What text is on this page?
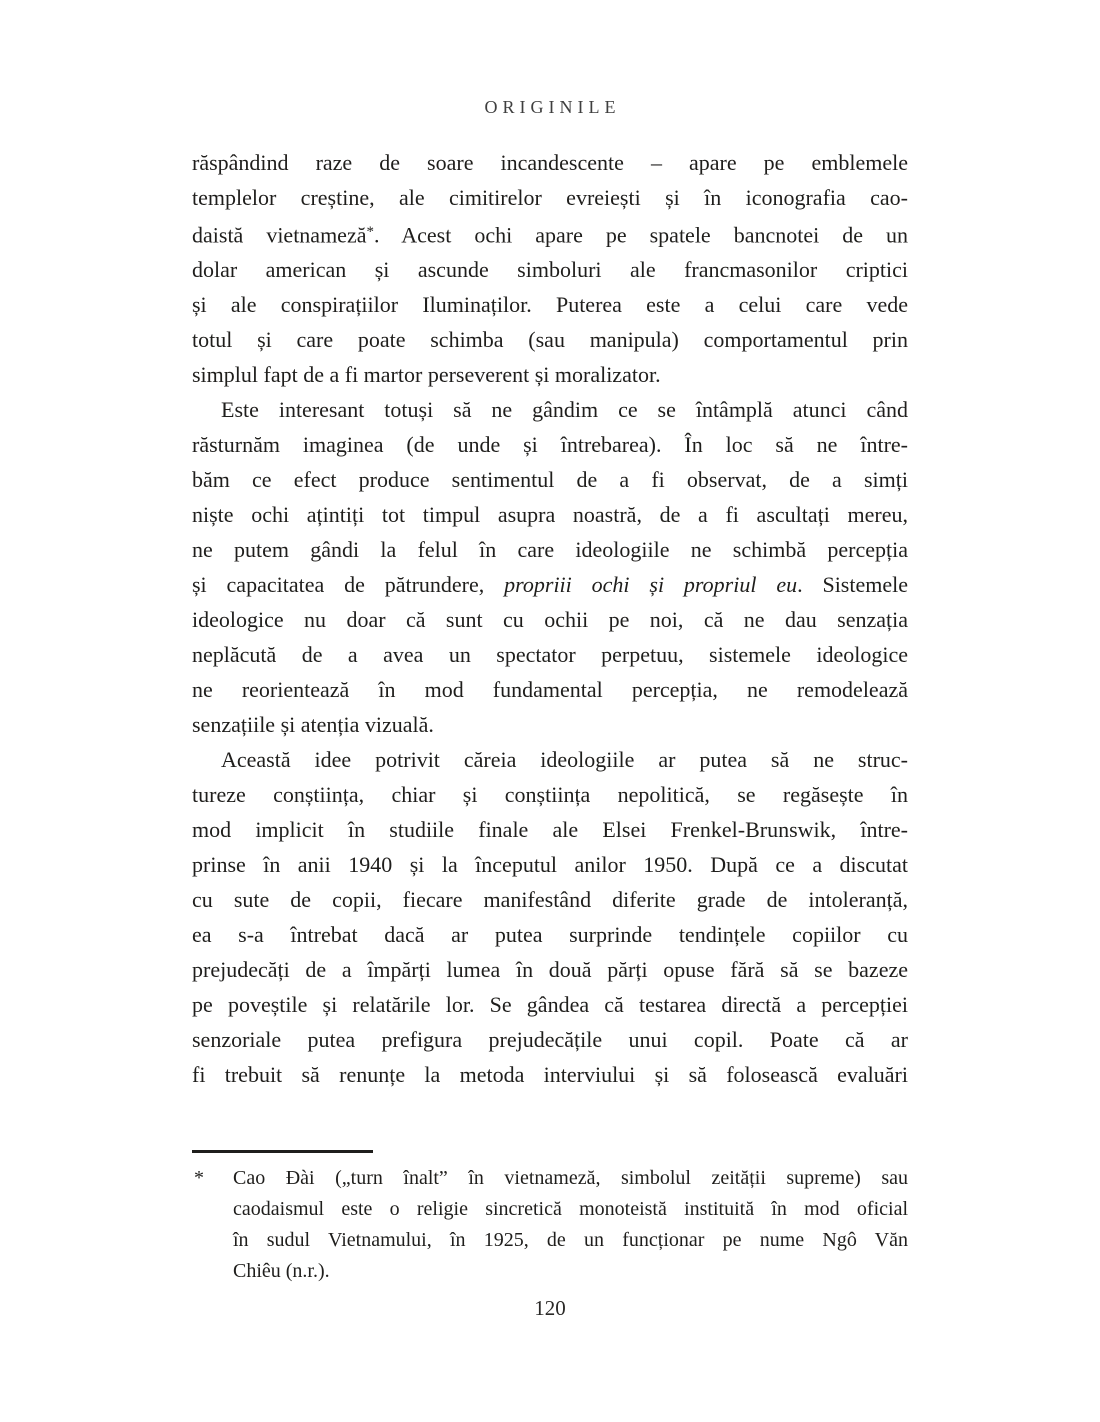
ORIGINILE
răspândind raze de soare incandescente – apare pe emblemele
templelor creștine, ale cimitirelor evreiești și în iconografia cao-
daistă vietnameză*. Acest ochi apare pe spatele bancnotei de un
dolar american și ascunde simboluri ale francmasonilor criptici
și ale conspirațiilor Iluminaților. Puterea este a celui care vede
totul și care poate schimba (sau manipula) comportamentul prin
simplul fapt de a fi martor perseverent și moralizator.
Este interesant totuși să ne gândim ce se întâmplă atunci când
răsturnăm imaginea (de unde și întrebarea). În loc să ne între-
băm ce efect produce sentimentul de a fi observat, de a simți
niște ochi ațintiți tot timpul asupra noastră, de a fi ascultați mereu,
ne putem gândi la felul în care ideologiile ne schimbă percepția
și capacitatea de pătrundere, propriii ochi și propriul eu. Sistemele
ideologice nu doar că sunt cu ochii pe noi, că ne dau senzația
neplăcută de a avea un spectator perpetuu, sistemele ideologice
ne reorientează în mod fundamental percepția, ne remodelează
senzațiile și atenția vizuală.
Această idee potrivit căreia ideologiile ar putea să ne struc-
tureze conștiința, chiar și conștiința nepolitică, se regăsește în
mod implicit în studiile finale ale Elsei Frenkel-Brunswik, între-
prinse în anii 1940 și la începutul anilor 1950. După ce a discutat
cu sute de copii, fiecare manifestând diferite grade de intoleranță,
ea s-a întrebat dacă ar putea surprinde tendințele copiilor cu
prejudecăți de a împărți lumea în două părți opuse fără să se bazeze
pe poveștile și relatările lor. Se gândea că testarea directă a percepției
senzoriale putea prefigura prejudecățile unui copil. Poate că ar
fi trebuit să renunțe la metoda interviului și să folosească evaluări
* Cao Đài („turn înalt” în vietnameză, simbolul zeității supreme) sau
caodaismul este o religie sincretică monoteistă instituită în mod oficial
în sudul Vietnamului, în 1925, de un funcționar pe nume Ngô Văn
Chiêu (n.r.).
120
